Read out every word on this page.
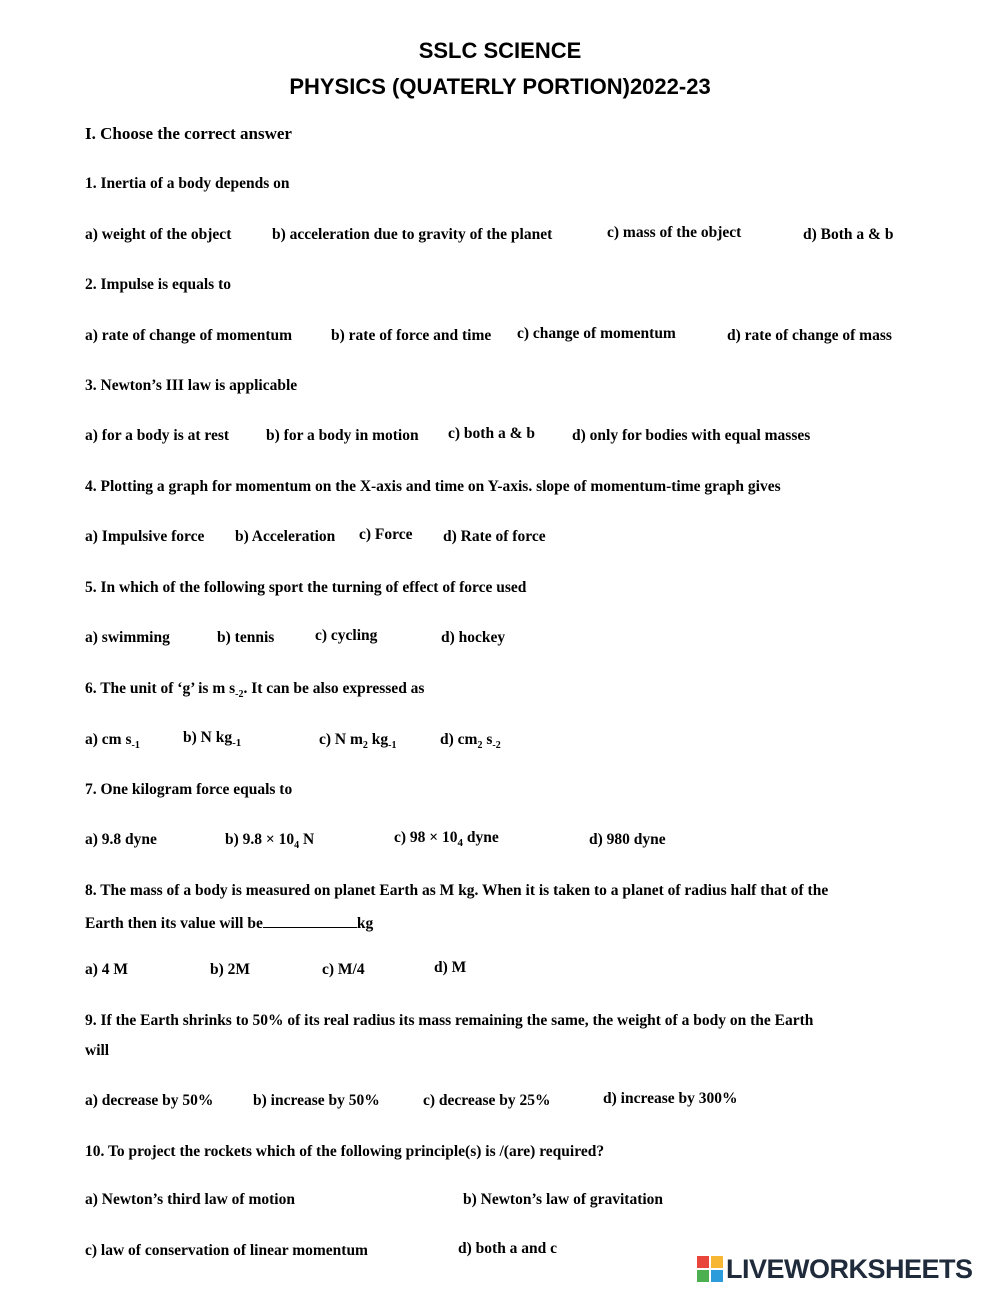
SSLC SCIENCE
PHYSICS (QUATERLY PORTION)2022-23
I. Choose the correct answer
1. Inertia of a body depends on
a) weight of the object	b) acceleration due to gravity of the planet	c) mass of the object	d) Both a & b
2. Impulse is equals to
a) rate of change of momentum	b) rate of force and time c) change of momentum	d) rate of change of mass
3. Newton’s III law is applicable
a) for a body is at rest b) for a body in motion c) both a & b d) only for bodies with equal masses
4. Plotting a graph for momentum on the X-axis and time on Y-axis. slope of momentum-time graph gives
a) Impulsive force b) Acceleration c) Force d) Rate of force
5. In which of the following sport the turning of effect of force used
a) swimming	b) tennis	c) cycling	d) hockey
6. The unit of ‘g’ is m $s_{-2}$. It can be also expressed as
a) cm $s_{-1}$	b) N $kg_{-1}$	c) N $m_2$ $kg_{-1}$	d) $cm_2$ $s_{-2}$
7. One kilogram force equals to
a) 9.8 dyne	b) $9.8 \times 10_4$ N	c) $98 \times 10_4$ dyne	d) 980 dyne
8. The mass of a body is measured on planet Earth as M kg. When it is taken to a planet of radius half that of the
Earth then its value will be	kg
a) 4 M	b) 2M	c) M/4	d) M
9. If the Earth shrinks to 50% of its real radius its mass remaining the same, the weight of a body on the Earth
will
a) decrease by 50%	b) increase by 50%	c) decrease by 25%	d) increase by 300%
10. To project the rockets which of the following principle(s) is /(are) required?
a) Newton’s third law of motion	b) Newton’s law of gravitation
c) law of conservation of linear momentum	d) both a and c
LIVEWORKSHEETS
